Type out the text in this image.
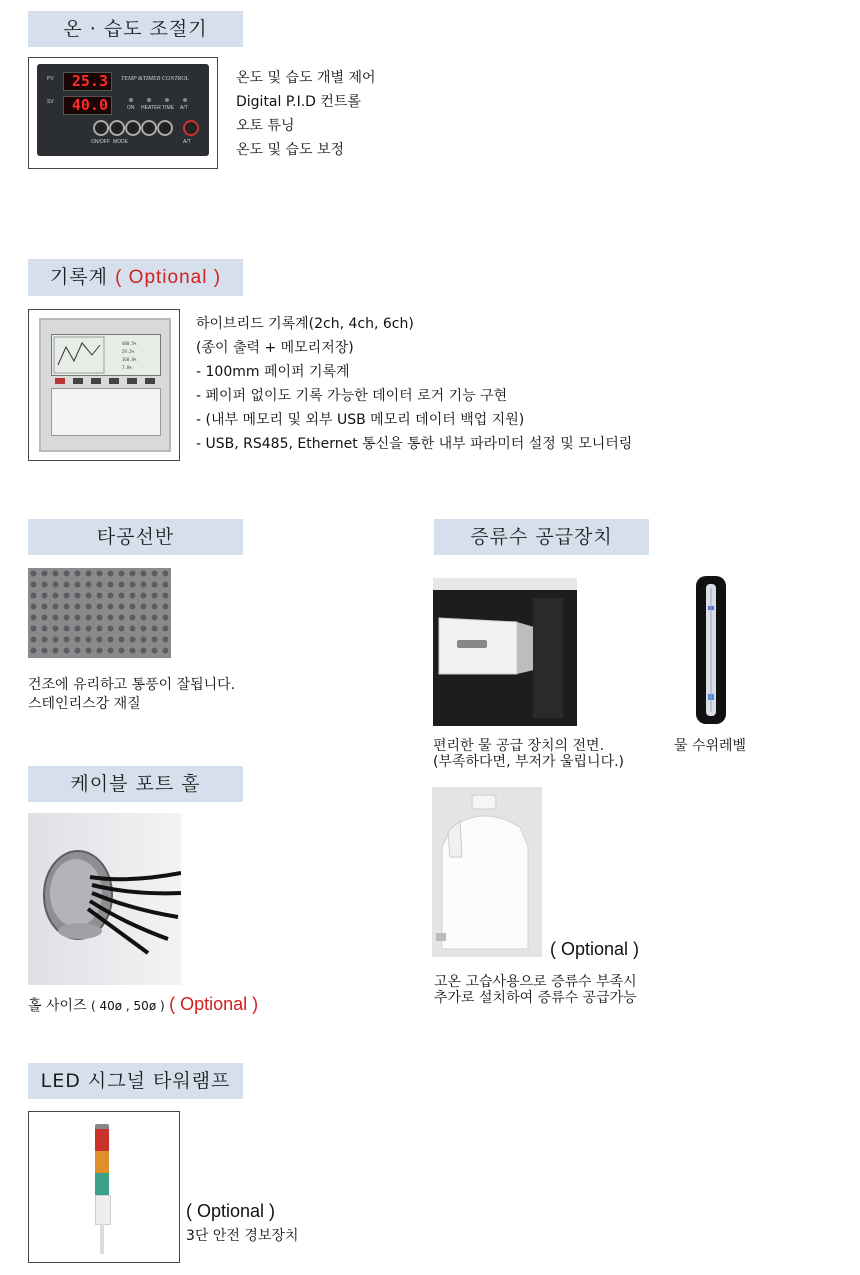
온 · 습도 조절기
PV
SV
25.3
40.0
TEMP &TIMER CONTROL
ON HEATER TIME A/T
ON/OFF MODE	A/T
온도 및 습도 개별 제어
Digital P.I.D 컨트롤
오토 튜닝
온도 및 습도 보정
기록계 ( Optional )
488.5%
29.2%
368.8%
7.8%
하이브리드 기록계(2ch, 4ch, 6ch)
(종이 출력 + 메모리저장)
- 100mm 페이퍼 기록계
- 페이퍼 없이도 기록 가능한 데이터 로거 기능 구현
- (내부 메모리 및 외부 USB 메모리 데이터 백업 지원)
- USB, RS485, Ethernet 통신을 통한 내부 파라미터 설정 및 모니터링
타공선반
건조에 유리하고 통풍이 잘됩니다.
스테인리스강 재질
증류수 공급장치
편리한 물 공급 장치의 전면.
(부족하다면, 부저가 울립니다.)
물 수위레벨
( Optional )
고온 고습사용으로 증류수 부족시
추가로 설치하여 증류수 공급가능
케이블 포트 홀
홀 사이즈 ( 40ø , 50ø ) ( Optional )
LED 시그널 타워램프
( Optional )
3단 안전 경보장치
